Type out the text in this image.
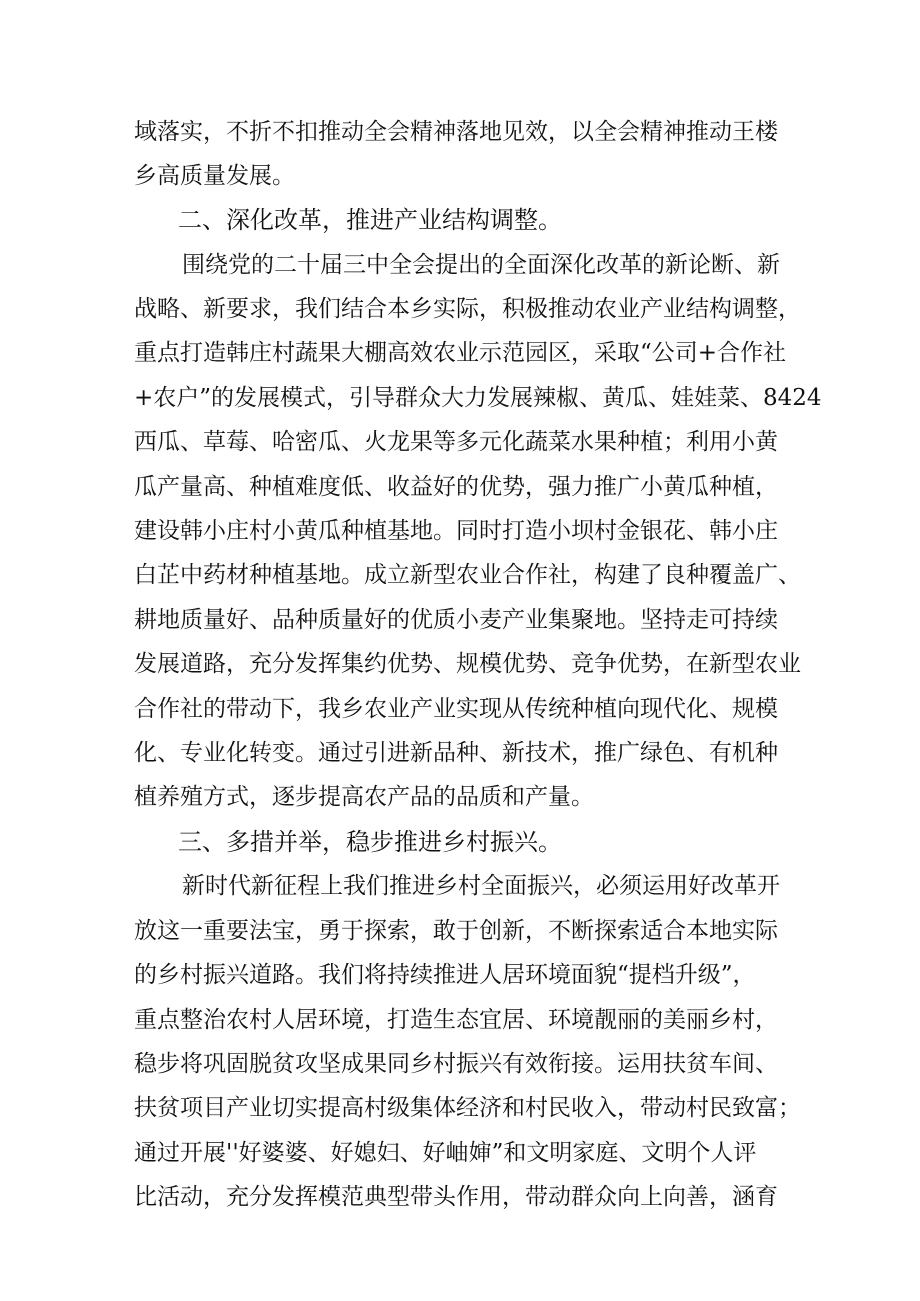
域落实，不折不扣推动全会精神落地见效，以全会精神推动王楼
乡高质量发展。
二、深化改革，推进产业结构调整。
围绕党的二十届三中全会提出的全面深化改革的新论断、新
战略、新要求，我们结合本乡实际，积极推动农业产业结构调整，
重点打造韩庄村蔬果大棚高效农业示范园区，采取“公司+合作社
+农户”的发展模式，引导群众大力发展辣椒、黄瓜、娃娃菜、8424
西瓜、草莓、哈密瓜、火龙果等多元化蔬菜水果种植；利用小黄
瓜产量高、种植难度低、收益好的优势，强力推广小黄瓜种植，
建设韩小庄村小黄瓜种植基地。同时打造小坝村金银花、韩小庄
白芷中药材种植基地。成立新型农业合作社，构建了良种覆盖广、
耕地质量好、品种质量好的优质小麦产业集聚地。坚持走可持续
发展道路，充分发挥集约优势、规模优势、竞争优势，在新型农业
合作社的带动下，我乡农业产业实现从传统种植向现代化、规模
化、专业化转变。通过引进新品种、新技术，推广绿色、有机种
植养殖方式，逐步提高农产品的品质和产量。
三、多措并举，稳步推进乡村振兴。
新时代新征程上我们推进乡村全面振兴，必须运用好改革开
放这一重要法宝，勇于探索，敢于创新，不断探索适合本地实际
的乡村振兴道路。我们将持续推进人居环境面貌“提档升级”，
重点整治农村人居环境，打造生态宜居、环境靓丽的美丽乡村，
稳步将巩固脱贫攻坚成果同乡村振兴有效衔接。运用扶贫车间、
扶贫项目产业切实提高村级集体经济和村民收入，带动村民致富；
通过开展''好婆婆、好媳妇、好岫婶”和文明家庭、文明个人评
比活动，充分发挥模范典型带头作用，带动群众向上向善，涵育
